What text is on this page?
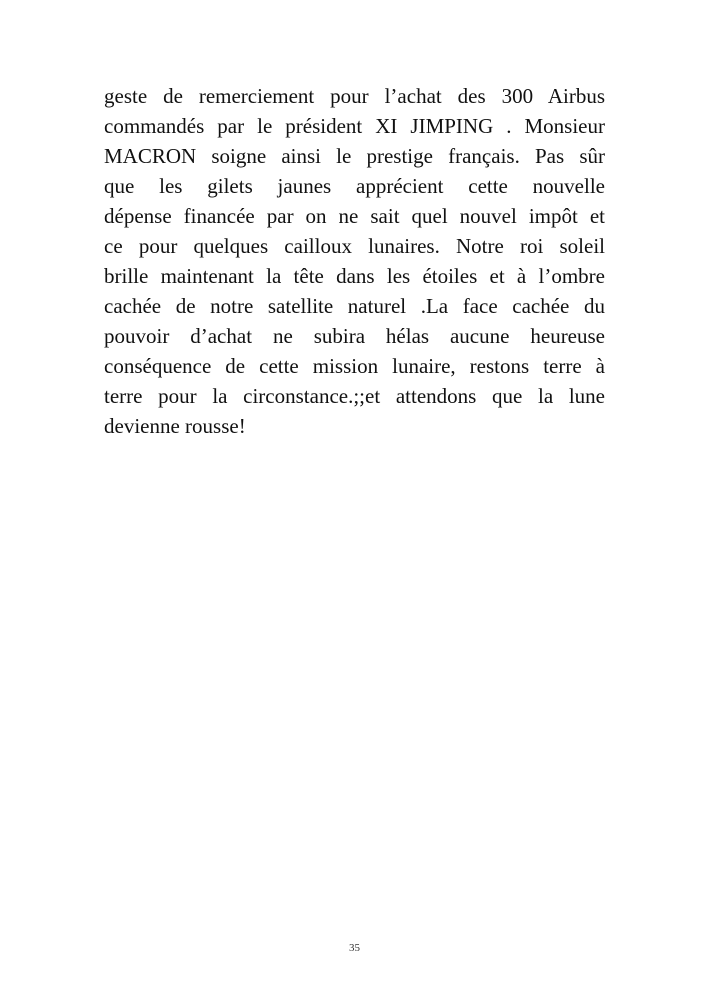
geste de remerciement pour l’achat des 300 Airbus
commandés par le président XI JIMPING . Monsieur
MACRON soigne ainsi le prestige français. Pas sûr
que les gilets jaunes apprécient cette nouvelle
dépense financée par on ne sait quel nouvel impôt et
ce pour quelques cailloux lunaires. Notre roi soleil
brille maintenant la tête dans les étoiles et à l’ombre
cachée de notre satellite naturel .La face cachée du
pouvoir d’achat ne subira hélas aucune heureuse
conséquence de cette mission lunaire, restons terre à
terre pour la circonstance.;;et attendons que la lune
devienne rousse!
35
